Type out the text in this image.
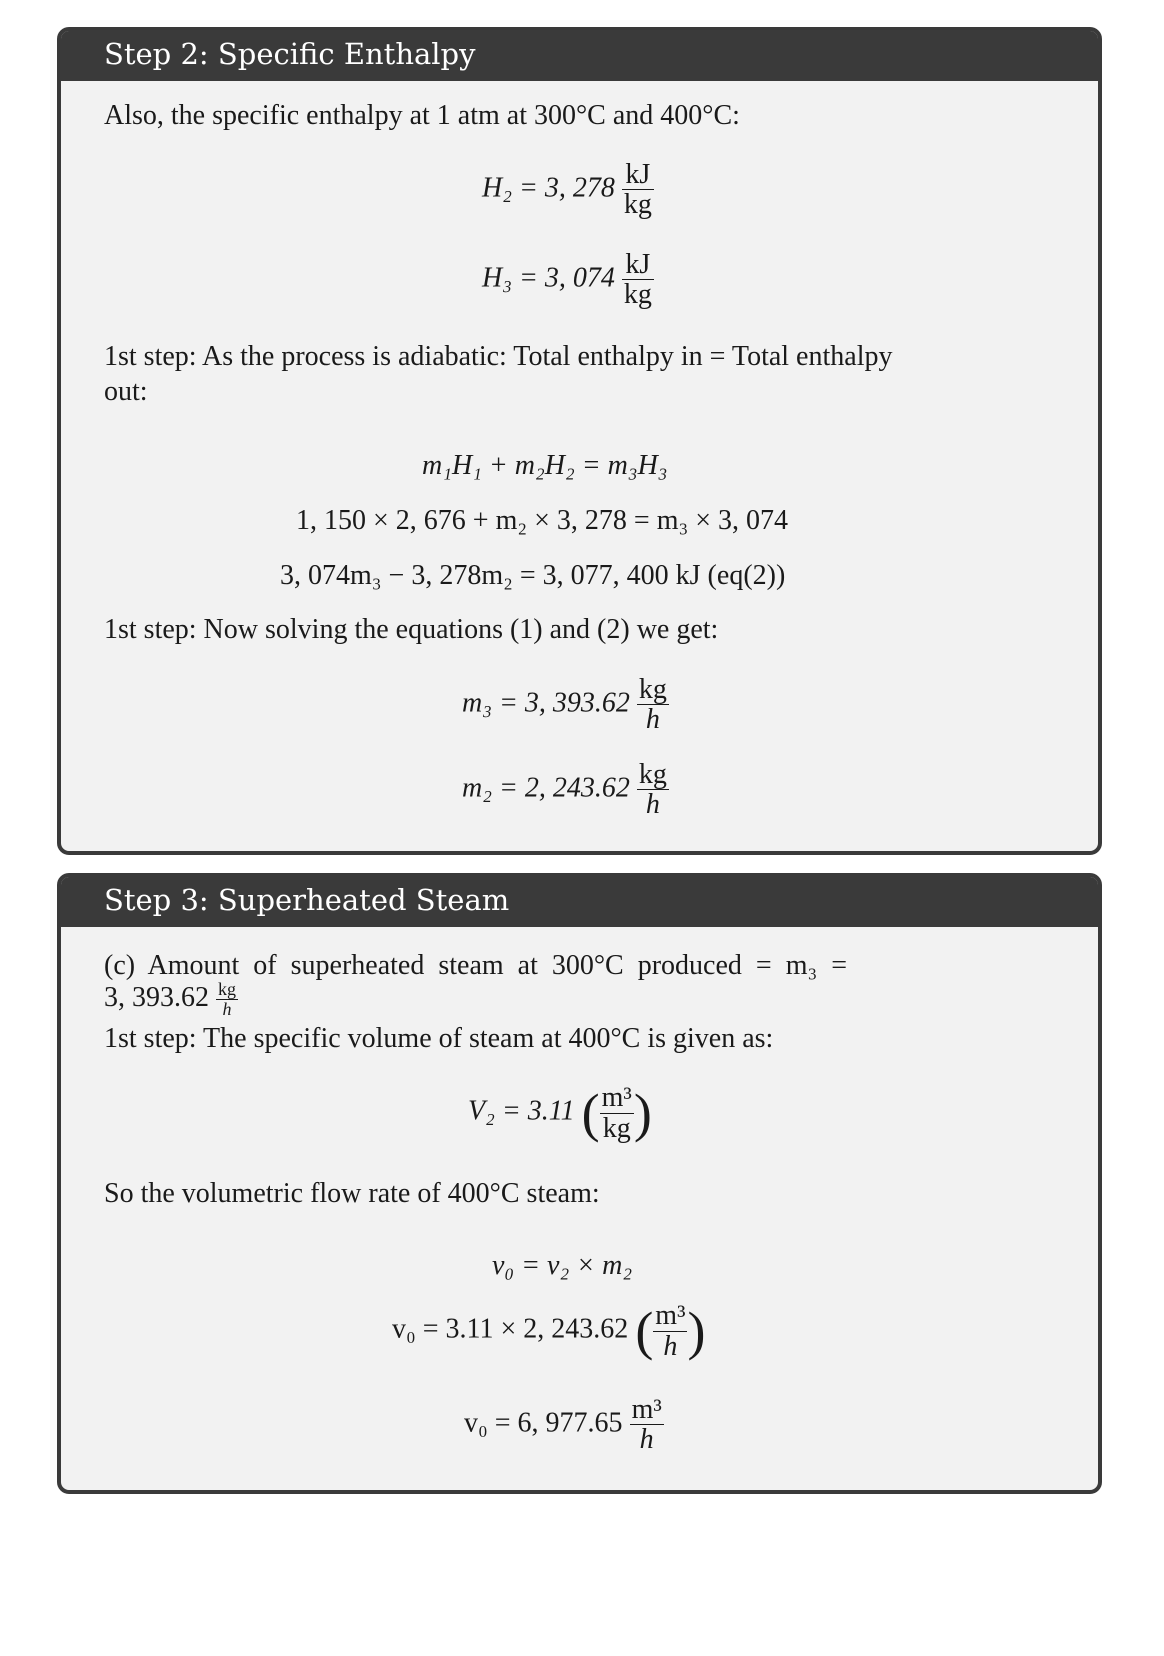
Step 2: Specific Enthalpy

Also, the specific enthalpy at 1 atm at 300°C and 400°C:

H₂ = 3, $278 \frac{kJ}{kg}$
H₃ = 3, $074 \frac{kJ}{kg}$

1st step: As the process is adiabatic: Total enthalpy in = Total enthalpy

out:

m₁H₁ + m₂H₂ = m₃H₃
1, 150 × 2, 676 + m₂ × 3, 278 = m₃ × 3, 074
3, 074m₃ − 3, 278m₂ = 3, 077, 400 kJ (eq(2))

1st step: Now solving the equations (1) and (2) we get:

m₃ = 3, $393.62 \frac{kg}{h}$
m₂ = 2, $243.62 \frac{kg}{h}$
Step 3: Superheated Steam

(c)  Amount  of  superheated  steam  at  300°C  produced  =  m₃  =

3, $393.62 \frac{kg}{h}$

1st step: The specific volume of steam at 400°C is given as:

V₂ = 3.11 ( $\frac{\text{m³}}{kg}$ )

So the volumetric flow rate of 400°C steam:

v₀ = v₂ × m₂
v₀ = 3.11 × 2, 243.62 ( $\frac{\text{m³}}{h}$ )
v₀ = 6, $977.65 \frac{\text{m³}}{h}$
